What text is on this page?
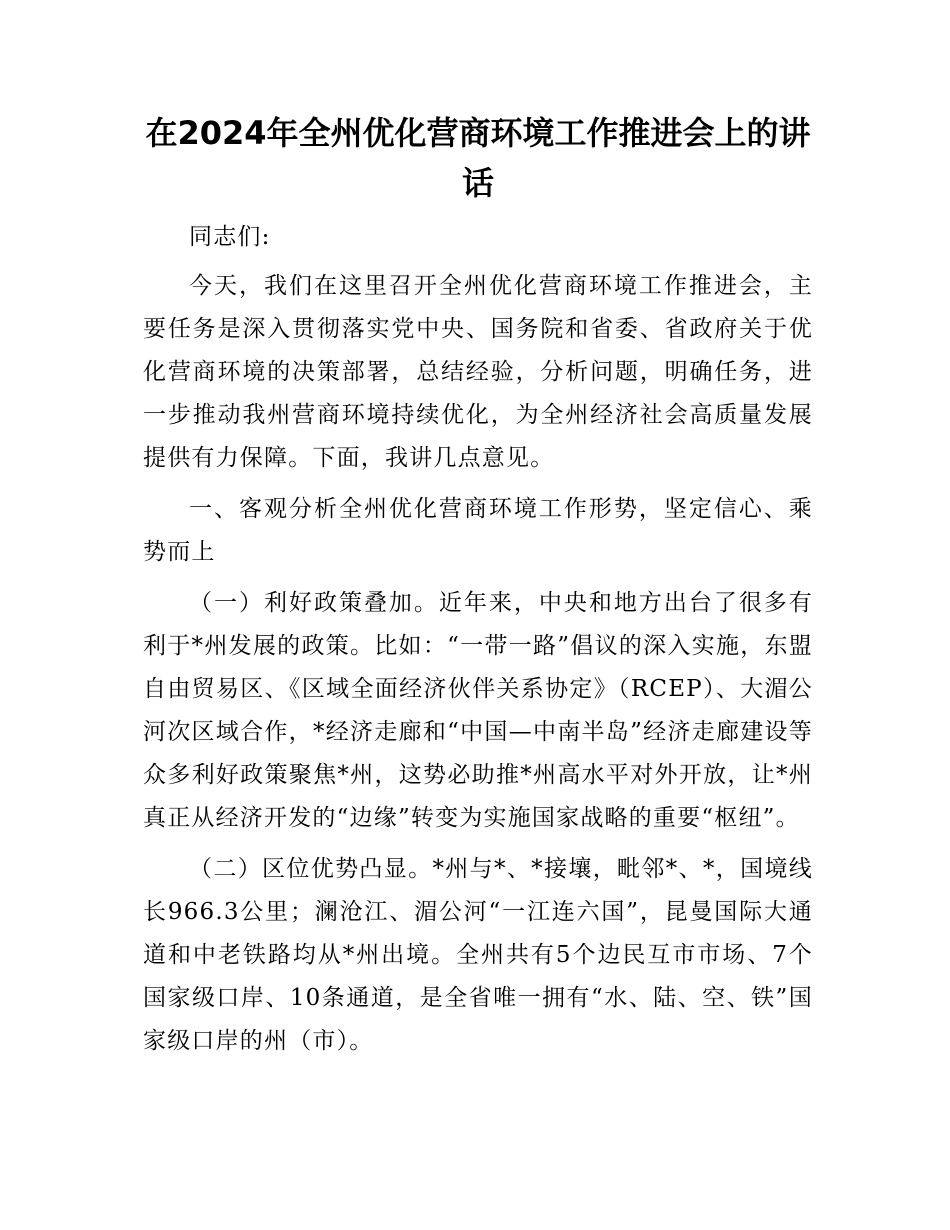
在2024年全州优化营商环境工作推进会上的讲话

同志们:

今天，我们在这里召开全州优化营商环境工作推进会，主要任务是深入贯彻落实党中央、国务院和省委、省政府关于优化营商环境的决策部署，总结经验，分析问题，明确任务，进一步推动我州营商环境持续优化，为全州经济社会高质量发展提供有力保障。下面，我讲几点意见。

一、客观分析全州优化营商环境工作形势，坚定信心、乘势而上

（一）利好政策叠加。近年来，中央和地方出台了很多有利于*州发展的政策。比如：“一带一路”倡议的深入实施，东盟自由贸易区、《区域全面经济伙伴关系协定》（RCEP）、大湄公河次区域合作，*经济走廊和“中国—中南半岛”经济走廊建设等众多利好政策聚焦*州，这势必助推*州高水平对外开放，让*州真正从经济开发的“边缘”转变为实施国家战略的重要“枢纽”。

（二）区位优势凸显。*州与*、*接壤，毗邻*、*，国境线长966.3公里；澜沧江、湄公河“一江连六国”，昆曼国际大通道和中老铁路均从*州出境。全州共有5个边民互市市场、7个国家级口岸、10条通道，是全省唯一拥有“水、陆、空、铁”国家级口岸的州（市）。
